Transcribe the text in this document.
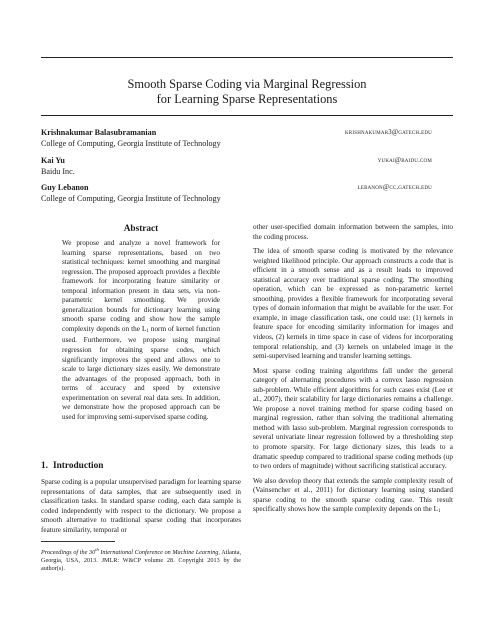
Smooth Sparse Coding via Marginal Regression
for Learning Sparse Representations
Krishnakumar Balasubramanian	krishnakumar3@gatech.edu
College of Computing, Georgia Institute of Technology
Kai Yu	yukai@baidu.com
Baidu Inc.
Guy Lebanon	lebanon@cc.gatech.edu
College of Computing, Georgia Institute of Technology
Abstract

We propose and analyze a novel framework for learning sparse representations, based on two statistical techniques: kernel smoothing and marginal regression. The proposed approach provides a flexible framework for incorporating feature similarity or temporal information present in data sets, via non-parametric kernel smoothing. We provide generalization bounds for dictionary learning using smooth sparse coding and show how the sample complexity depends on the $L_1$ norm of kernel function used. Furthermore, we propose using marginal regression for obtaining sparse codes, which significantly improves the speed and allows one to scale to large dictionary sizes easily. We demonstrate the advantages of the proposed approach, both in terms of accuracy and speed by extensive experimentation on several real data sets. In addition, we demonstrate how the proposed approach can be used for improving semi-supervised sparse coding.

1. Introduction

Sparse coding is a popular unsupervised paradigm for learning sparse representations of data samples, that are subsequently used in classification tasks. In standard sparse coding, each data sample is coded independently with respect to the dictionary. We propose a smooth alternative to traditional sparse coding that incorporates feature similarity, temporal or

Proceedings of the 30th International Conference on Machine Learning, Atlanta, Georgia, USA, 2013. JMLR: W&CP volume 28. Copyright 2013 by the author(s).

other user-specified domain information between the samples, into the coding process.

The idea of smooth sparse coding is motivated by the relevance weighted likelihood principle. Our approach constructs a code that is efficient in a smooth sense and as a result leads to improved statistical accuracy over traditional sparse coding. The smoothing operation, which can be expressed as non-parametric kernel smoothing, provides a flexible framework for incorporating several types of domain information that might be available for the user. For example, in image classification task, one could use: (1) kernels in feature space for encoding similarity information for images and videos, (2) kernels in time space in case of videos for incorporating temporal relationship, and (3) kernels on unlabeled image in the semi-supervised learning and transfer learning settings.

Most sparse coding training algorithms fall under the general category of alternating procedures with a convex lasso regression sub-problem. While efficient algorithms for such cases exist (Lee et al., 2007), their scalability for large dictionaries remains a challenge. We propose a novel training method for sparse coding based on marginal regression, rather than solving the traditional alternating method with lasso sub-problem. Marginal regression corresponds to several univariate linear regression followed by a thresholding step to promote sparsity. For large dictionary sizes, this leads to a dramatic speedup compared to traditional sparse coding methods (up to two orders of magnitude) without sacrificing statistical accuracy.

We also develop theory that extends the sample complexity result of (Vainsencher et al., 2011) for dictionary learning using standard sparse coding to the smooth sparse coding case. This result specifically shows how the sample complexity depends on the $L_1$
